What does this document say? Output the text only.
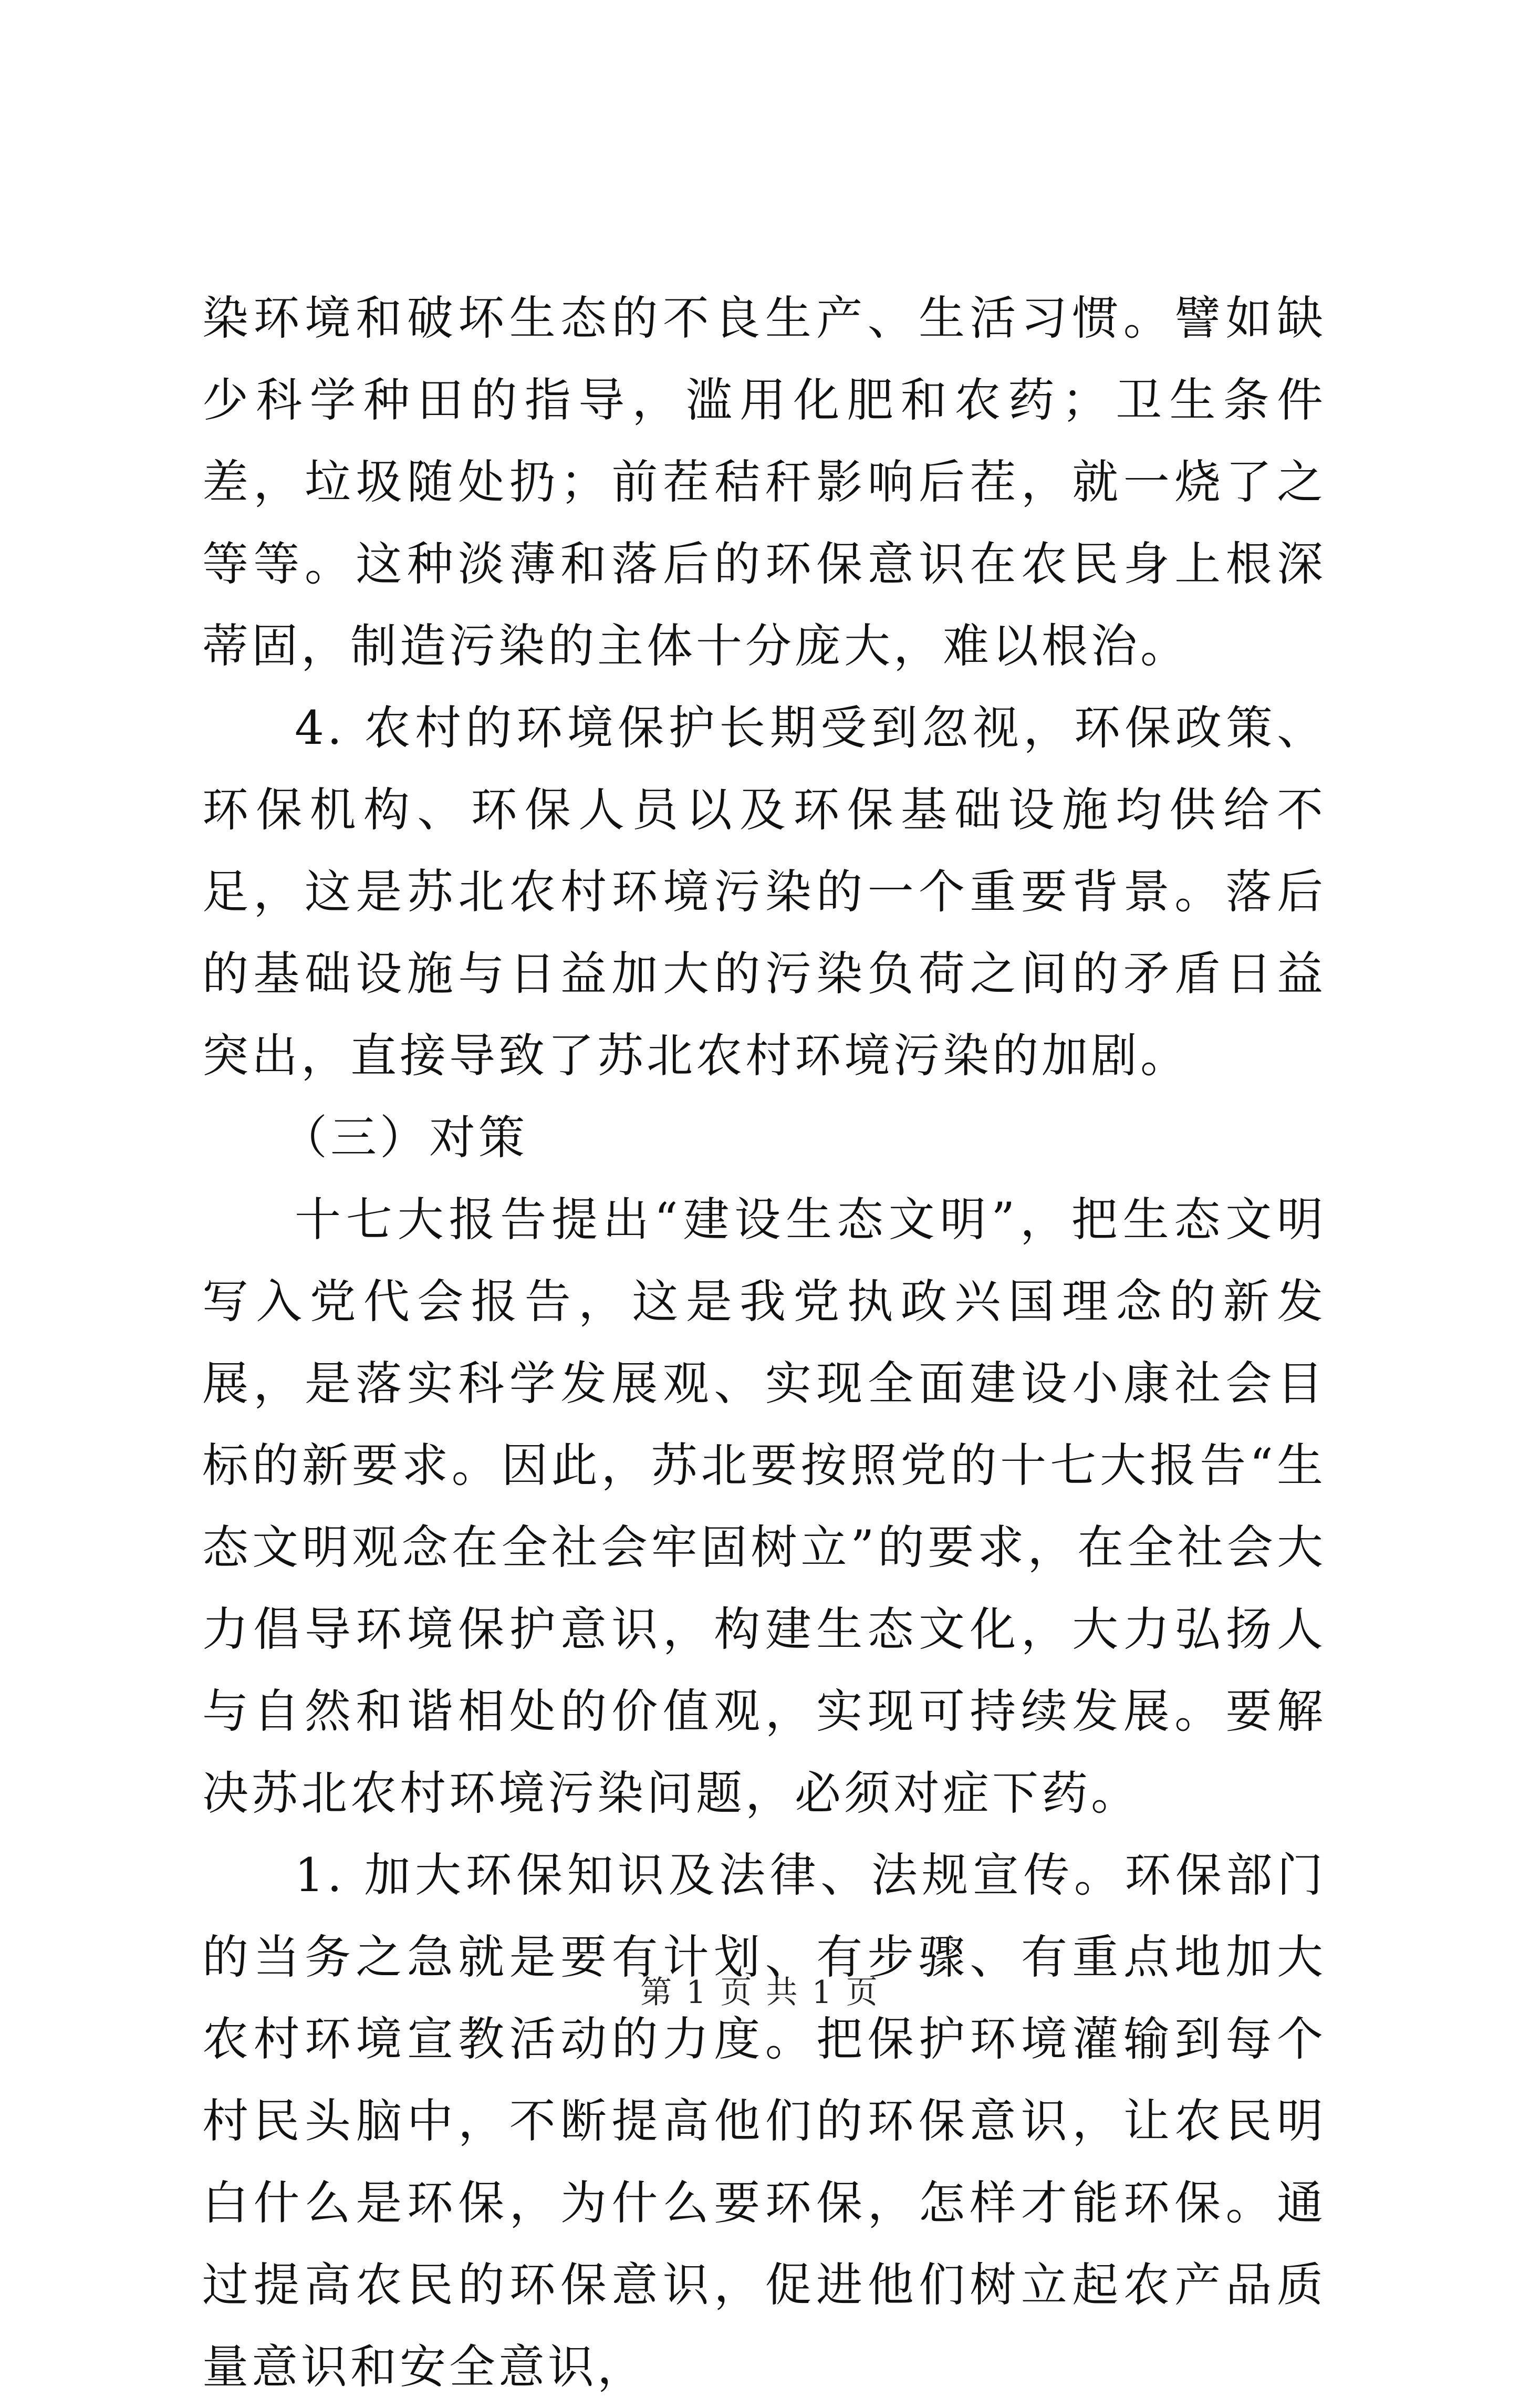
染环境和破坏生态的不良生产、生活习惯。譬如缺少科学种田的指导，滥用化肥和农药；卫生条件差，垃圾随处扔；前茬秸秆影响后茬，就一烧了之等等。这种淡薄和落后的环保意识在农民身上根深蒂固，制造污染的主体十分庞大，难以根治。

4. 农村的环境保护长期受到忽视，环保政策、环保机构、环保人员以及环保基础设施均供给不足，这是苏北农村环境污染的一个重要背景。落后的基础设施与日益加大的污染负荷之间的矛盾日益突出，直接导致了苏北农村环境污染的加剧。

（三）对策

十七大报告提出“建设生态文明”，把生态文明写入党代会报告，这是我党执政兴国理念的新发展，是落实科学发展观、实现全面建设小康社会目标的新要求。因此，苏北要按照党的十七大报告“生态文明观念在全社会牢固树立”的要求，在全社会大力倡导环境保护意识，构建生态文化，大力弘扬人与自然和谐相处的价值观，实现可持续发展。要解决苏北农村环境污染问题，必须对症下药。

1. 加大环保知识及法律、法规宣传。环保部门的当务之急就是要有计划、有步骤、有重点地加大农村环境宣教活动的力度。把保护环境灌输到每个村民头脑中，不断提高他们的环保意识，让农民明白什么是环保，为什么要环保，怎样才能环保。通过提高农民的环保意识，促进他们树立起农产品质量意识和安全意识，

第 1 页 共 1 页
